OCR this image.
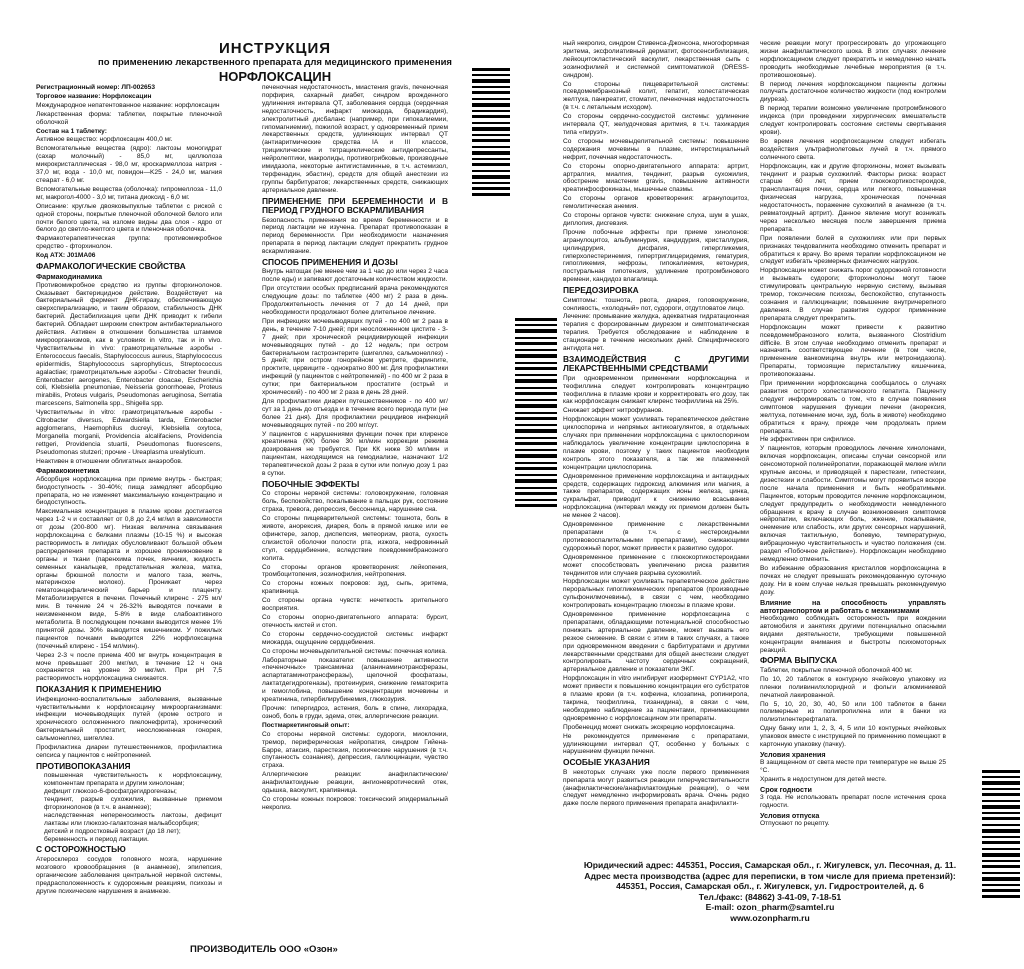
ИНСТРУКЦИЯ
по применению лекарственного препарата для медицинского применения
НОРФЛОКСАЦИН

Регистрационный номер: ЛП-002653

Торговое название: Норфлоксацин

Международное непатентованное название: норфлоксацин

Лекарственная форма: таблетки, покрытые пленочной оболочкой

Состав на 1 таблетку:

Активное вещество: норфлоксацин 400,0 мг.

Вспомогательные вещества (ядро): лактозы моногидрат (сахар молочный) - 85,0 мг, целлюлоза микрокристаллическая - 98,0 мг, кроскармеллоза натрия - 37,0 мг, вода - 10,0 мг, повидон—K25 - 24,0 мг, магния стеарат - 6,0 мг.

Вспомогательные вещества (оболочка): гипромеллоза - 11,0 мг, макрогол-4000 - 3,0 мг, титана диоксид - 6,0 мг.

Описание: круглые двояковыпуклые таблетки с риской с одной стороны, покрытые пленочной оболочкой белого или почти белого цвета, на изломе видны два слоя - ядро от белого до светло-желтого цвета и пленочная оболочка.

Фармакотерапевтическая группа: противомикробное средство - фторхинолон.

Код АТХ: J01MA06

ФАРМАКОЛОГИЧЕСКИЕ СВОЙСТВА
Фармакодинамика

Противомикробное средство из группы фторхинолонов. Оказывает бактерицидное действие. Воздействует на бактериальный фермент ДНК-гиразу, обеспечивающую сверхспирализацию, и таким образом, стабильность ДНК бактерий. Дестабилизация цепи ДНК приводит к гибели бактерий. Обладает широким спектром антибактериального действия. Активен в отношении большинства штаммов микроорганизмов, как в условиях in vitro, так и in vivo. Чувствительны in vivo: грамотрицательные аэробы - Enterococcus faecalis, Staphylococcus aureus, Staphylococcus epidermidis, Staphylococcus saprophyticus, Streptococcus agalactiae; грамотрицательные аэробы - Citrobacter freundii, Enterobacter aerogenes, Enterobacter cloacae, Escherichia coli, Klebsiella pneumoniae, Neisseria gonorrhoeae, Proteus mirabilis, Proteus vulgaris, Pseudomonas aeruginosa, Serratia marcescens, Salmonella spp., Shigella spp.

Чувствительны in vitro: грамотрицательные аэробы - Citrobacter diversus, Edwardsiella tarda, Enterobacter agglomerans, Haemophilus ducreyi, Klebsiella oxytoca, Morganella morganii, Providencia alcalifaciens, Providencia rettgeri, Providencia stuartii, Pseudomonas fluorescens, Pseudomonas stutzeri; прочие - Ureaplasma urealyticum.

Неактивен в отношении облигатных анаэробов.

Фармакокинетика

Абсорбция норфлоксацина при приеме внутрь - быстрая; биодоступность - 30-40%; пища замедляет абсорбцию препарата, но не изменяет максимальную концентрацию и биодоступность.

Максимальная концентрация в плазме крови достигается через 1-2 ч и составляет от 0,8 до 2,4 мг/мл в зависимости от дозы (200-800 мг). Низкая величина связывания норфлоксацина с белками плазмы (10-15 %) и высокая растворимость в липидах обусловливают большой объем распределения препарата и хорошее проникновение в органы и ткани (паренхима почек, яичники, жидкость семенных канальцев, предстательная железа, матка, органы брюшной полости и малого таза, желчь, материнское молоко). Проникает через гематоэнцефалический барьер и плаценту. Метаболизируется в печени. Почечный клиренс - 275 мл/мин. В течение 24 ч 26-32% выводятся почками в неизмененном виде, 5-8% в виде слабоактивного метаболита. В последующем почками выводится менее 1% принятой дозы. 30% выводится кишечником. У пожилых пациентов почками выводится 22% норфлоксацина (почечный клиренс - 154 мл/мин).

Через 2-3 ч после приема 400 мг внутрь концентрация в моче превышает 200 мкг/мл, в течение 12 ч она сохраняется на уровне 30 мкг/мл. При pH 7,5 растворимость норфлоксацина снижается.

ПОКАЗАНИЯ К ПРИМЕНЕНИЮ

Инфекционно-воспалительные заболевания, вызванные чувствительными к норфлоксацину микроорганизмами: инфекции мочевыводящих путей (кроме острого и хронического осложненного пиелонефрита), хронический бактериальный простатит, неосложненная гонорея, сальмонеллез, шигеллез.

Профилактика диареи путешественников, профилактика сепсиса у пациентов с нейтропенией.

ПРОТИВОПОКАЗАНИЯ
• повышенная чувствительность к норфлоксацину, компонентам препарата и другим хинолонам;
• дефицит глюкозо-6-фосфатдегидрогеназы;
• тендинит, разрыв сухожилия, вызванные приемом фторхинолонов (в т.ч. в анамнезе);
• наследственная непереносимость лактозы, дефицит лактазы или глюкозо-галактозная мальабсорбция;
• детский и подростковый возраст (до 18 лет);
• беременность и период лактации.
С ОСТОРОЖНОСТЬЮ

Атеросклероз сосудов головного мозга, нарушение мозгового кровообращения (в анамнезе), эпилепсия, органические заболевания центральной нервной системы, предрасположенность к судорожным реакциям, психозы и другие психические нарушения в анамнезе.

печеночная недостаточность, миастения gravis, печеночная порфирия, сахарный диабет, синдром врожденного удлинения интервала QT, заболевания сердца (сердечная недостаточность, инфаркт миокарда, брадикардия), электролитный дисбаланс (например, при гипокалиемии, гипомагниемии), пожилой возраст, у одновременный прием лекарственных средств, удлиняющих интервал QT (антиаритмические средства IA и III классов, трициклические и тетрациклические антидепрессанты, нейролептики, макролиды, противогрибковые, производные имидазола, некоторые антигистаминные, в т.ч. астемизол, терфенадин, эбастин), средств для общей анестезии из группы барбитуратов; лекарственных средств, снижающих артериальное давление.

ПРИМЕНЕНИЕ ПРИ БЕРЕМЕННОСТИ И В ПЕРИОД ГРУДНОГО ВСКАРМЛИВАНИЯ

Безопасность применения во время беременности и в период лактации не изучена. Препарат противопоказан в период беременности. При необходимости назначения препарата в период лактации следует прекратить грудное вскармливание.

СПОСОБ ПРИМЕНЕНИЯ И ДОЗЫ

Внутрь натощак (не менее чем за 1 час до или через 2 часа после еды) и запивают достаточным количеством жидкости.

При отсутствии особых предписаний врача рекомендуются следующие дозы: по таблетке (400 мг) 2 раза в день. Продолжительность лечения от 7 до 14 дней, при необходимости продолжают более длительное лечение.

При инфекциях мочевыводящих путей - по 400 мг 2 раза в день, в течение 7-10 дней; при неосложненном цистите - 3-7 дней; при хронической рецидивирующей инфекции мочевыводящих путей - до 12 недель; при остром бактериальном гастроэнтерите (шигеллез, сальмонеллез) - 5 дней; при остром гонорейном уретрите, фарингите, проктите, цервиците - однократно 800 мг. Для профилактики инфекций (у пациентов с нейтропенией) - по 400 мг 2 раза в сутки; при бактериальном простатите (острый и хронический) - по 400 мг 2 раза в день 28 дней.

Для профилактики диареи путешественников - по 400 мг/сут за 1 день до отъезда и в течение всего периода пути (не более 21 дня). Для профилактики рецидивов инфекций мочевыводящих путей - по 200 мг/сут.

У пациентов с нарушениями функции почек при клиренсе креатинина (КК) более 30 мл/мин коррекции режима дозирования не требуется. При КК ниже 30 мл/мин и пациентам, находящимся на гемодиализе, назначают 1/2 терапевтической дозы 2 раза в сутки или полную дозу 1 раз в сутки.

ПОБОЧНЫЕ ЭФФЕКТЫ

Со стороны нервной системы: головокружение, головная боль, беспокойство, покалывание в пальцах рук, состояние страха, тревога, депрессия, бессонница, нарушение сна.

Со стороны пищеварительной системы: тошнота, боль в животе, анорексия, диарея, боль в прямой кишке или ее сфинктере, запор, диспепсия, метеоризм, рвота, сухость слизистой оболочки полости рта, изжога, нефровинный стул, сердцебиение, вследствие псевдомембранозного колита.

Со стороны органов кроветворения: лейкопения, тромбоцитопения, эозинофилия, нейтропения.

Со стороны кожных покровов: зуд, сыпь, эритема, крапивница.

Со стороны органа чувств: нечеткость зрительного восприятия.

Со стороны опорно-двигательного аппарата: бурсит, отечность кистей и стоп.

Со стороны сердечно-сосудистой системы: инфаркт миокарда, ощущение сердцебиения.

Со стороны мочевыделительной системы: почечная колика.

Лабораторные показатели: повышение активности «печеночных» трансаминаз (аланинаминотрансферазы, аспартатаминотрансферазы), щелочной фосфатазы, лактатдегидрогеназы), протеинурия, снижение гематокрита и гемоглобина, повышение концентрации мочевины и креатинина, гипербилирубинемия, глюкозурия.

Прочие: гипергидроз, астения, боль в спине, лихорадка, озноб, боль в груди, эдема, отек, аллергические реакции.

Постмаркетинговый опыт:

Со стороны нервной системы: судороги, миоклонии, тремор, периферическая нейропатия, синдром Гийена-Барре, атаксия, парестезия, психические нарушения (в т.ч. спутанность сознания), депрессия, галлюцинации, чувство страха.

Аллергические реакции: анафилактические/анафилактоидные реакции, ангионевротический отек, одышка, васкулит, крапивница.

Со стороны кожных покровов: токсический эпидермальный некролиз.

ный некролиз, синдром Стивенса-Джонсона, многоформная эритема, эксфолиативный дерматит, фотосенсибилизация, лейкоцитокластический васкулит, лекарственная сыпь с эозинофилией и системной симптоматикой (DRESS-синдром).

Со стороны пищеварительной системы: псевдомембранозный колит, гепатит, холестатическая желтуха, панкреатит, стоматит, печеночная недостаточность (в т.ч. с летальным исходом).

Со стороны сердечно-сосудистой системы: удлинение интервала QT, желудочковая аритмия, в т.ч. тахикардия типа «пируэт».

Со стороны мочевыделительной системы: повышение содержания мочевины в плазме, интерстициальный нефрит, почечная недостаточность.

Со стороны опорно-двигательного аппарата: артрит, артралгия, миалгия, тендинит, разрыв сухожилия, обострение миастении gravis, повышение активности креатинфосфокиназы, мышечные спазмы.

Со стороны органов кроветворения: агранулоцитоз, гемолитическая анемия.

Со стороны органов чувств: снижение слуха, шум в ушах, диплопия, дисгевзия.

Прочие побочные эффекты при приеме хинолонов: агранулоцитоз, альбуминурия, кандидурия, кристаллурия, цилиндрурия, дисфагия, гипергликемия, гиперхолестеринемия, гипертриглицеридемия, гематурия, гипогликемия, нефрозы, гипокалиемия, кетонурия, постуральная гипотензия, удлинение протромбинового времени, кандидоз влагалища.

ПЕРЕДОЗИРОВКА

Симптомы: тошнота, рвота, диарея, головокружение, сонливость, «холодный» пот, судороги, отдутловатое лицо.

Лечение: промывание желудка, адекватная гидратационная терапия с форсированным диурезом и симптоматическая терапия. Требуется обследование и наблюдение в стационаре в течение нескольких дней. Специфического антидота нет.

ВЗАИМОДЕЙСТВИЯ С ДРУГИМИ ЛЕКАРСТВЕННЫМИ СРЕДСТВАМИ

При одновременном применении норфлоксацина и теофиллина следует контролировать концентрацию теофиллина в плазме крови и корректировать его дозу, так как норфлоксацин снижает клиренс теофиллина на 25%.

Снижает эффект нитрофуранов.

Норфлоксацин может усиливать терапевтическое действие циклоспорина и непрямых антикоагулянтов, в отдельных случаях при применении норфлоксацина с циклоспорином наблюдалось увеличение концентрации циклоспорина в плазме крови, поэтому у таких пациентов необходим контроль этого показателя, а так же плазменной концентрации циклоспорина.

Одновременное применение норфлоксацина и антацидных средств, содержащих гидроксид алюминия или магния, а также препаратов, содержащих ионы железа, цинка, сукральфат, приводит к снижению всасывания норфлоксацина (интервал между их приемом должен быть не менее 2 часов).

Одновременное применение с лекарственными препаратами (в т.ч. с нестероидными противовоспалительными препаратами), снижающими судорожный порог, может привести к развитию судорог.

Одновременное применение с глюкокортикостероидами может способствовать увеличению риска развития тендинитов или случаев разрыва сухожилий.

Норфлоксацин может усиливать терапевтическое действие пероральных гипогликемических препаратов (производные сульфонилмочевины), в связи с чем, необходимо контролировать концентрацию глюкозы в плазме крови.

Одновременное применение норфлоксацина с препаратами, обладающими потенциальной способностью понижать артериальное давление, может вызвать его резкое снижение. В связи с этим в таких случаях, а также при одновременном введении с барбитуратами и другими лекарственными средствами для общей анестезии следует контролировать частоту сердечных сокращений, артериальное давление и показатели ЭКГ.

Норфлоксацин in vitro ингибирует изофермент CYP1A2, что может привести к повышению концентрации его субстратов в плазме крови (в т.ч. кофеина, клозапина, ропинирола, такрина, теофиллина, тизанидина), в связи с чем, необходимо наблюдение за пациентами, принимающими одновременно с норфлоксацином эти препараты.

Пробенецид может снижать экскрецию норфлоксацина.

Не рекомендуется применение с препаратами, удлиняющими интервал QT, особенно у больных с нарушением функции печени.

ОСОБЫЕ УКАЗАНИЯ

В некоторых случаях уже после первого применения препарата могут развиться реакции гиперчувствительности (анафилактические/анафилактоидные реакции), о чем следует немедленно информировать врача. Очень редко даже после первого применения препарата анафилакти-

ческие реакции могут прогрессировать до угрожающего жизни анафилактического шока. В этих случаях лечение норфлоксацином следует прекратить и немедленно начать проводить необходимые лечебные мероприятия (в т.ч. противошоковые).

В период лечения норфлоксацином пациенты должны получать достаточное количество жидкости (под контролем диуреза).

В период терапии возможно увеличение протромбинового индекса (при проведении хирургических вмешательств следует контролировать состояние системы свертывания крови).

Во время лечения норфлоксацином следует избегать воздействия ультрафиолетовых лучей в т.ч. прямого солнечного света.

Норфлоксацин, как и другие фторхиноны, может вызывать тендинит и разрыв сухожилий. Факторы риска: возраст старше 60 лет, прием глюкокортикостероидов, трансплантация почки, сердца или легкого, повышенная физическая нагрузка, хроническая почечная недостаточность, поражение сухожилий в анамнезе (в т.ч. ревматоидный артрит). Данное явление могут возникать через несколько месяцев после завершения приема препарата.

При появлении болей в сухожилиях или при первых признаках тендовагинита необходимо отменить препарат и обратиться к врачу. Во время терапии норфлоксацином не следует избегать чрезмерных физических нагрузок.

Норфлоксацин может снижать порог судорожной готовности и вызывать судороги; фторхинолоны могут также стимулировать центральную нервную систему, вызывая тремор, токсические психозы, беспокойство, спутанность сознания и галлюцинации; повышение внутричерепного давления. В случае развития судорог применение препарата следует прекратить.

Норфлоксацин может привести к развитию псевдомембранозного колита, вызванного Clostridium difficile. В этом случае необходимо отменить препарат и назначить соответствующее лечение (в том числе, применение ванкомицина внутрь или метронидазола). Препараты, тормозящие перистальтику кишечника, противопоказаны.

При применении норфлоксацина сообщалось о случаях развития острого холестатического гепатита. Пациенту следует информировать о том, что в случае появления симптомов нарушения функции печени (анорексия, желтуха, потемнение мочи, зуд, боль в животе) необходимо обратиться к врачу, прежде чем продолжать прием препарата.

Не эффективен при сифилисе.

У пациентов, которым проводилось лечение хинолонами, включая норфлоксацин, описаны случаи сенсорной или сенсомоторной полинейропатии, поражающей мелкие и/или крупные аксоны, и приводящей к парестезии, гипестезии, дизестезии и слабости. Симптомы могут проявиться вскоре после начала применения и быть необратимыми. Пациентов, которым проводится лечение норфлоксацином, следует предупредить о необходимости немедленного обращения к врачу в случае возникновения симптомов нейропатии, включающих боль, жжение, покалывание, онемение или слабость, или других сенсорных нарушений, включая тактильную, болевую, температурную, вибрационную чувствительность и чувство положения (см. раздел «Побочное действие»). Норфлоксацин необходимо немедленно отменить.

Во избежание образования кристаллов норфлоксацина в почках не следует превышать рекомендованную суточную дозу. Ни в коем случае нельзя превышать рекомендуемую дозу.

Влияние на способность управлять автотранспортом и работать с механизмами

Необходимо соблюдать осторожность при вождении автомобиля и занятиях другими потенциально опасными видами деятельности, требующими повышенной концентрации внимания и быстроты психомоторных реакций.

ФОРМА ВЫПУСКА

Таблетки, покрытые пленочной оболочкой 400 мг.

По 10, 20 таблеток в контурную ячейковую упаковку из пленки поливинилхлоридной и фольги алюминиевой печатной лакированной.

По 5, 10, 20, 30, 40, 50 или 100 таблеток в банки полимерные из полипропилена или в банки из полиэтилентерефталата.

Одну банку или 1, 2, 3, 4, 5 или 10 контурных ячейковых упаковок вместе с инструкцией по применению помещают в картонную упаковку (пачку).

Условия хранения

В защищенном от света месте при температуре не выше 25 °С.

Хранить в недоступном для детей месте.

Срок годности

3 года. Не использовать препарат после истечения срока годности.

Условия отпуска

Отпускают по рецепту.

Юридический адрес: 445351, Россия, Самарская обл., г. Жигулевск, ул. Песочная, д. 11.
Адрес места производства (адрес для переписки, в том числе для приема претензий):
445351, Россия, Самарская обл., г. Жигулевск, ул. Гидростроителей, д. 6
Тел./факс: (84862) 3-41-09, 7-18-51
E-mail: ozon_pharm@samtel.ru
www.ozonpharm.ru
ПРОИЗВОДИТЕЛЬ ООО «Озон»
